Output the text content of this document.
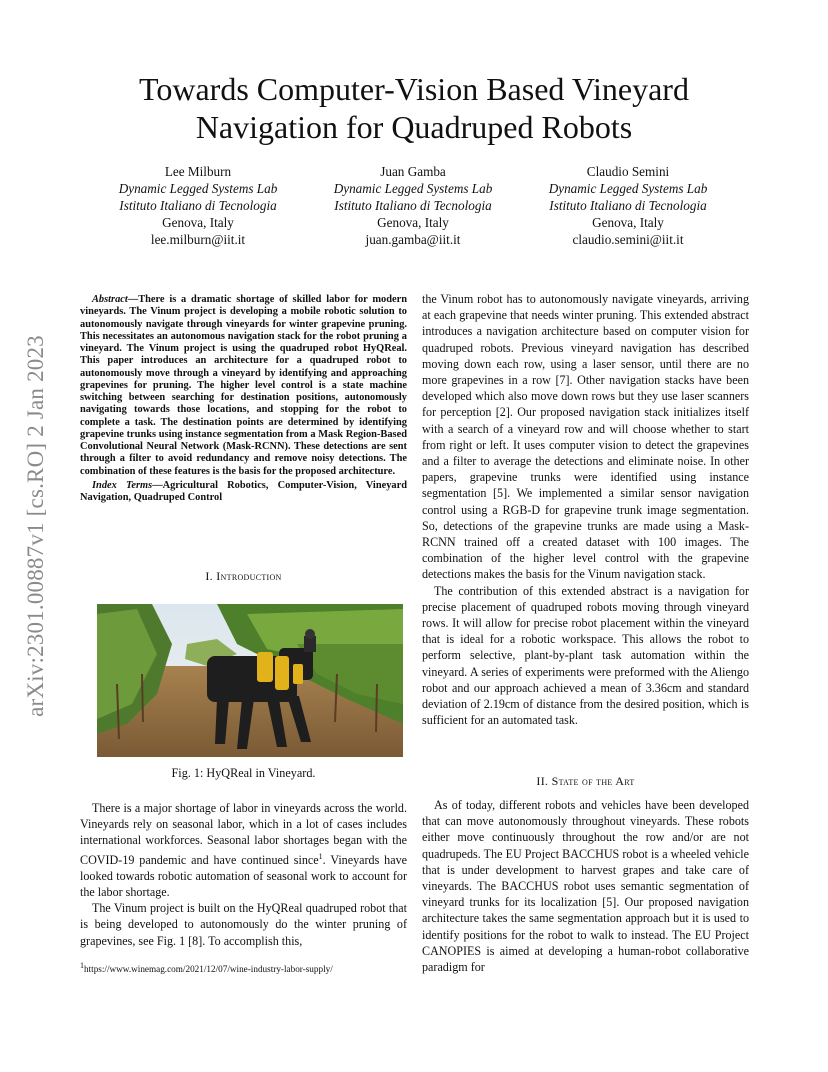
arXiv:2301.00887v1 [cs.RO] 2 Jan 2023
Towards Computer-Vision Based Vineyard
Navigation for Quadruped Robots
Lee Milburn
Dynamic Legged Systems Lab
Istituto Italiano di Tecnologia
Genova, Italy
lee.milburn@iit.it
Juan Gamba
Dynamic Legged Systems Lab
Istituto Italiano di Tecnologia
Genova, Italy
juan.gamba@iit.it
Claudio Semini
Dynamic Legged Systems Lab
Istituto Italiano di Tecnologia
Genova, Italy
claudio.semini@iit.it

Abstract—There is a dramatic shortage of skilled labor for modern vineyards. The Vinum project is developing a mobile robotic solution to autonomously navigate through vineyards for winter grapevine pruning. This necessitates an autonomous navigation stack for the robot pruning a vineyard. The Vinum project is using the quadruped robot HyQReal. This paper introduces an architecture for a quadruped robot to autonomously move through a vineyard by identifying and approaching grapevines for pruning. The higher level control is a state machine switching between searching for destination positions, autonomously navigating towards those locations, and stopping for the robot to complete a task. The destination points are determined by identifying grapevine trunks using instance segmentation from a Mask Region-Based Convolutional Neural Network (Mask-RCNN). These detections are sent through a filter to avoid redundancy and remove noisy detections. The combination of these features is the basis for the proposed architecture.

Index Terms—Agricultural Robotics, Computer-Vision, Vineyard Navigation, Quadruped Control

I. Introduction
Fig. 1: HyQReal in Vineyard.

There is a major shortage of labor in vineyards across the world. Vineyards rely on seasonal labor, which in a lot of cases includes international workforces. Seasonal labor shortages began with the COVID-19 pandemic and have continued since$^1$. Vineyards have looked towards robotic automation of seasonal work to account for the labor shortage.

The Vinum project is built on the HyQReal quadruped robot that is being developed to autonomously do the winter pruning of grapevines, see Fig. 1 [8]. To accomplish this,

$^1$https://www.winemag.com/2021/12/07/wine-industry-labor-supply/

the Vinum robot has to autonomously navigate vineyards, arriving at each grapevine that needs winter pruning. This extended abstract introduces a navigation architecture based on computer vision for quadruped robots. Previous vineyard navigation has described moving down each row, using a laser sensor, until there are no more grapevines in a row [7]. Other navigation stacks have been developed which also move down rows but they use laser scanners for perception [2]. Our proposed navigation stack initializes itself with a search of a vineyard row and will choose whether to start from right or left. It uses computer vision to detect the grapevines and a filter to average the detections and eliminate noise. In other papers, grapevine trunks were identified using instance segmentation [5]. We implemented a similar sensor navigation control using a RGB-D for grapevine trunk image segmentation. So, detections of the grapevine trunks are made using a Mask-RCNN trained off a created dataset with 100 images. The combination of the higher level control with the grapevine detections makes the basis for the Vinum navigation stack.

The contribution of this extended abstract is a navigation for precise placement of quadruped robots moving through vineyard rows. It will allow for precise robot placement within the vineyard that is ideal for a robotic workspace. This allows the robot to perform selective, plant-by-plant task automation within the vineyard. A series of experiments were preformed with the Aliengo robot and our approach achieved a mean of 3.36cm and standard deviation of 2.19cm of distance from the desired position, which is sufficient for an automated task.

II. State of the Art

As of today, different robots and vehicles have been developed that can move autonomously throughout vineyards. These robots either move continuously throughout the row and/or are not quadrupeds. The EU Project BACCHUS robot is a wheeled vehicle that is under development to harvest grapes and take care of vineyards. The BACCHUS robot uses semantic segmentation of vineyard trunks for its localization [5]. Our proposed navigation architecture takes the same segmentation approach but it is used to identify positions for the robot to walk to instead. The EU Project CANOPIES is aimed at developing a human-robot collaborative paradigm for
